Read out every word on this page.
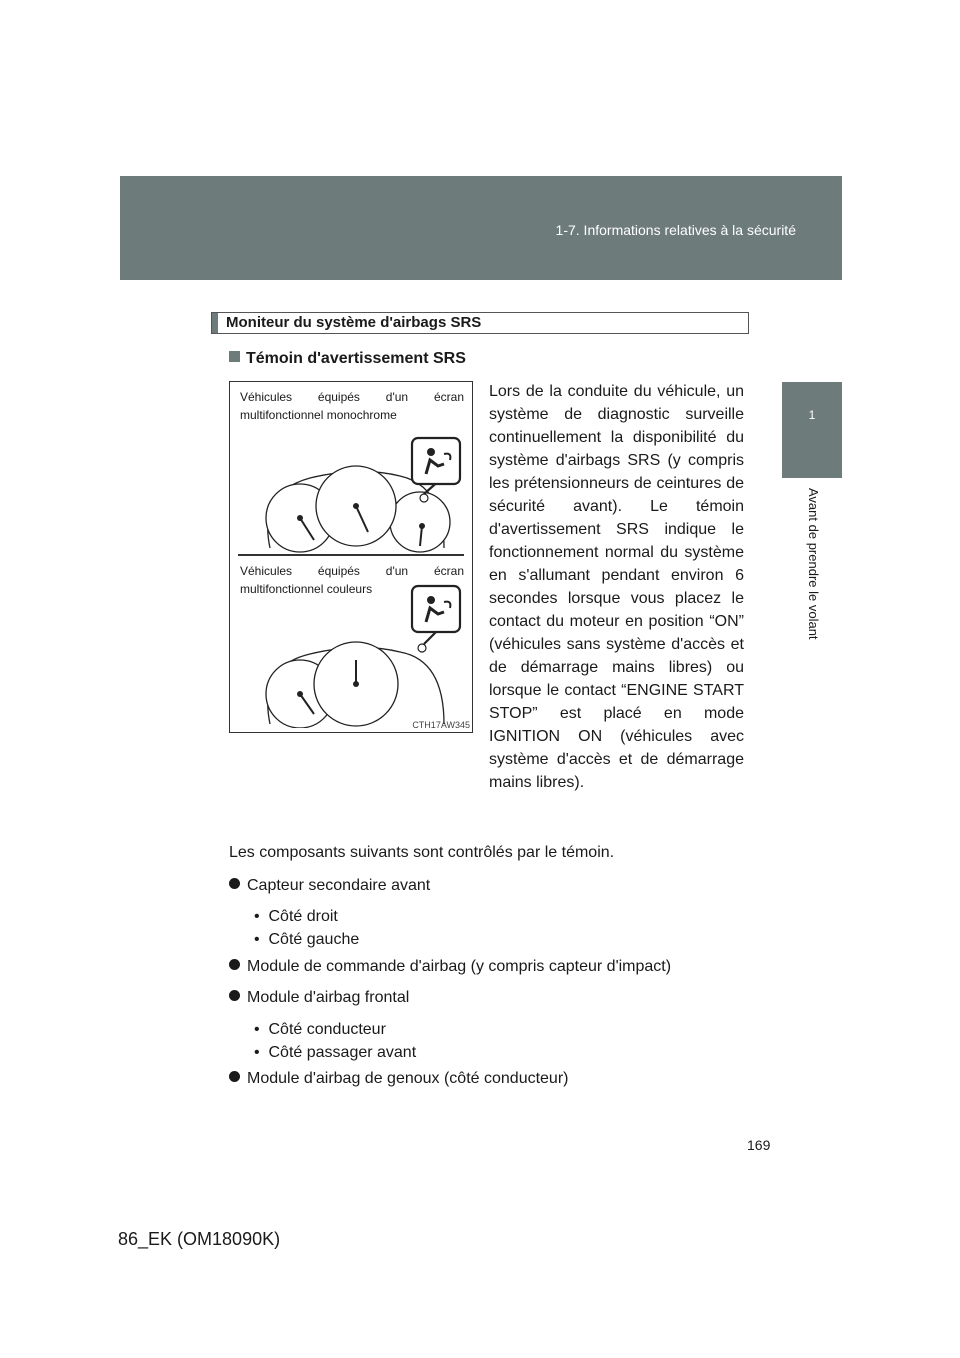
1-7. Informations relatives à la sécurité
1
Avant de prendre le volant
Moniteur du système d'airbags SRS
Témoin d'avertissement SRS
Véhicules équipés d'un écran multifonctionnel monochrome
Véhicules équipés d'un écran multifonctionnel couleurs
CTH17AW345
Lors de la conduite du véhicule, un système de diagnostic surveille continuellement la disponibilité du système d'airbags SRS (y compris les prétensionneurs de ceintures de sécurité avant). Le témoin d'avertissement SRS indique le fonctionnement normal du système en s'allumant pendant environ 6 secondes lorsque vous placez le contact du moteur en position “ON” (véhicules sans système d'accès et de démarrage mains libres) ou lorsque le contact “ENGINE START STOP” est placé en mode IGNITION ON (véhicules avec système d'accès et de démarrage mains libres).
Les composants suivants sont contrôlés par le témoin.
Capteur secondaire avant
•  Côté droit
•  Côté gauche
Module de commande d'airbag (y compris capteur d'impact)
Module d'airbag frontal
•  Côté conducteur
•  Côté passager avant
Module d'airbag de genoux (côté conducteur)
169
86_EK (OM18090K)
